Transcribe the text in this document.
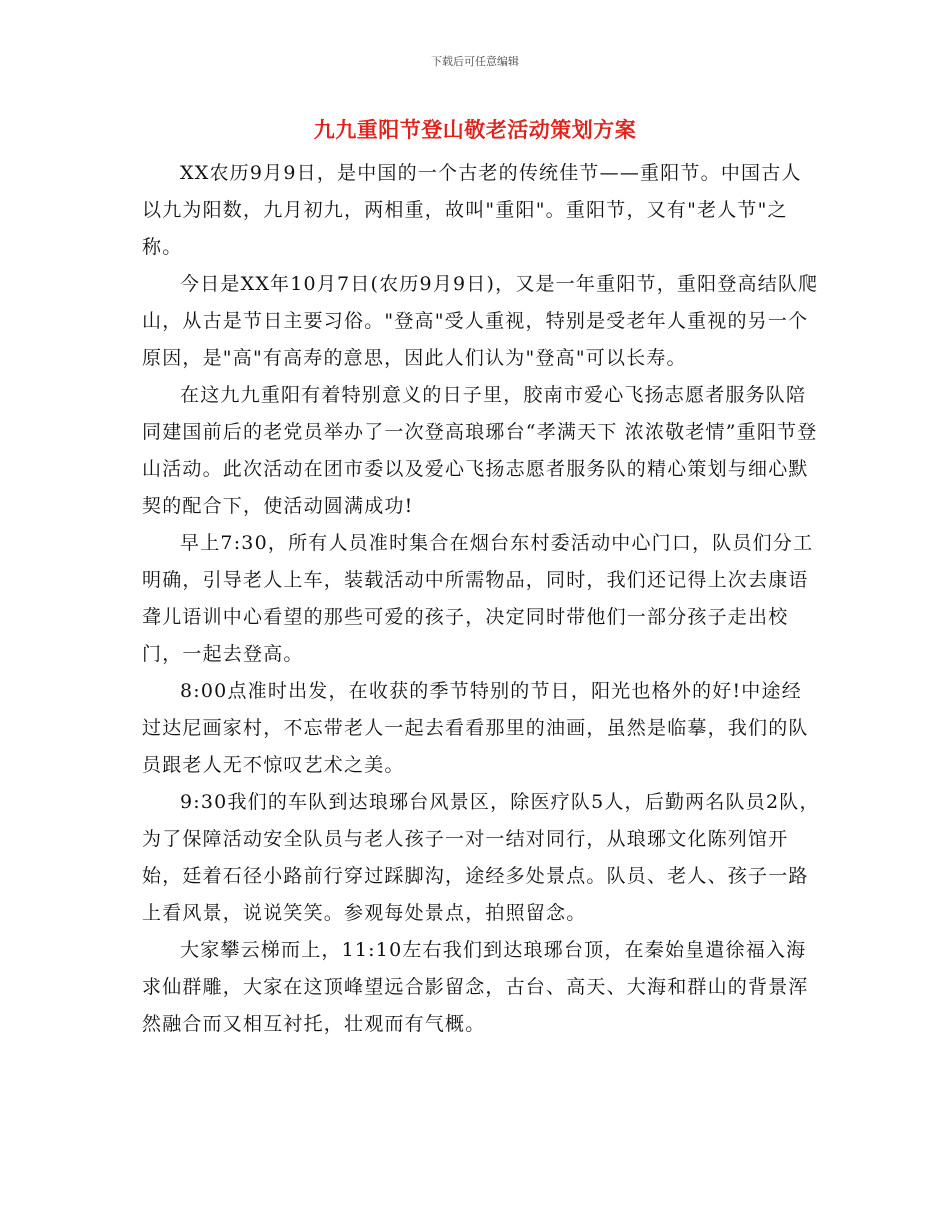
下载后可任意编辑
九九重阳节登山敬老活动策划方案

XX农历9月9日，是中国的一个古老的传统佳节——重阳节。中国古人以九为阳数，九月初九，两相重，故叫"重阳"。重阳节，又有"老人节"之称。

今日是XX年10月7日(农历9月9日)，又是一年重阳节，重阳登高结队爬山，从古是节日主要习俗。"登高"受人重视，特别是受老年人重视的另一个原因，是"高"有高寿的意思，因此人们认为"登高"可以长寿。

在这九九重阳有着特别意义的日子里，胶南市爱心飞扬志愿者服务队陪同建国前后的老党员举办了一次登高琅琊台“孝满天下 浓浓敬老情”重阳节登山活动。此次活动在团市委以及爱心飞扬志愿者服务队的精心策划与细心默契的配合下，使活动圆满成功!

早上7:30，所有人员准时集合在烟台东村委活动中心门口，队员们分工明确，引导老人上车，装载活动中所需物品，同时，我们还记得上次去康语聋儿语训中心看望的那些可爱的孩子，决定同时带他们一部分孩子走出校门，一起去登高。

8:00点准时出发，在收获的季节特别的节日，阳光也格外的好!中途经过达尼画家村，不忘带老人一起去看看那里的油画，虽然是临摹，我们的队员跟老人无不惊叹艺术之美。

9:30我们的车队到达琅琊台风景区，除医疗队5人，后勤两名队员2队，为了保障活动安全队员与老人孩子一对一结对同行，从琅琊文化陈列馆开始，廷着石径小路前行穿过踩脚沟，途经多处景点。队员、老人、孩子一路上看风景，说说笑笑。参观每处景点，拍照留念。

大家攀云梯而上，11:10左右我们到达琅琊台顶，在秦始皇遣徐福入海求仙群雕，大家在这顶峰望远合影留念，古台、高天、大海和群山的背景浑然融合而又相互衬托，壮观而有气概。
